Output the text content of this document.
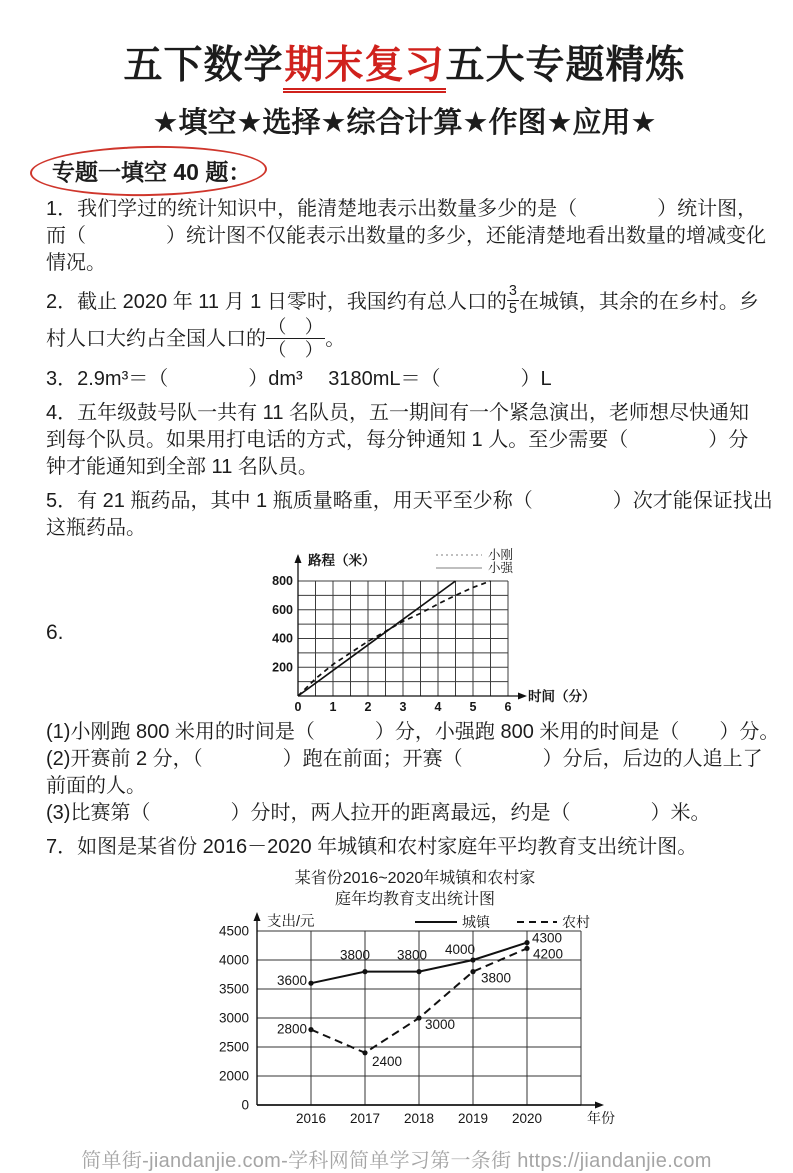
五下数学期末复习五大专题精炼
★填空★选择★综合计算★作图★应用★
专题一填空 40 题：
1．我们学过的统计知识中，能清楚地表示出数量多少的是（　　　　）统计图，
而（　　　　）统计图不仅能表示出数量的多少，还能清楚地看出数量的增减变化
情况。
2．截止 2020 年 11 月 1 日零时，我国约有总人口的 $\frac{3}{5}$ 在城镇，其余的在乡村。乡
村人口大约占全国人口的 $\frac{( )}{( )}$ 。
3．2.9m³＝（　　　　）dm³　 3180mL＝（　　　　）L
4．五年级鼓号队一共有 11 名队员，五一期间有一个紧急演出，老师想尽快通知
到每个队员。如果用打电话的方式，每分钟通知 1 人。至少需要（　　　　）分
钟才能通知到全部 11 名队员。
5．有 21 瓶药品，其中 1 瓶质量略重，用天平至少称（　　　　）次才能保证找出
这瓶药品。
6.
路程（米）
时间（分）
200
400
600
800
0 1 2 3 4 5 6
小刚
小强
(1)小刚跑 800 米用的时间是（　　　）分，小强跑 800 米用的时间是（　　）分。
(2)开赛前 2 分，（　　　　）跑在前面；开赛（　　　　）分后，后边的人追上了
前面的人。
(3)比赛第（　　　　）分时，两人拉开的距离最远，约是（　　　　）米。
7．如图是某省份 2016－2020 年城镇和农村家庭年平均教育支出统计图。
某省份2016~2020年城镇和农村家
庭年均教育支出统计图
支出/元
年份
0
2000
2500
3000
3500
4000
4500
2016 2017 2018 2019 2020
城镇	农村
3600
3800 3800 4000
4300
2800
2400
3000
3800
4200
简单街-jiandanjie.com-学科网简单学习第一条街 https://jiandanjie.com
